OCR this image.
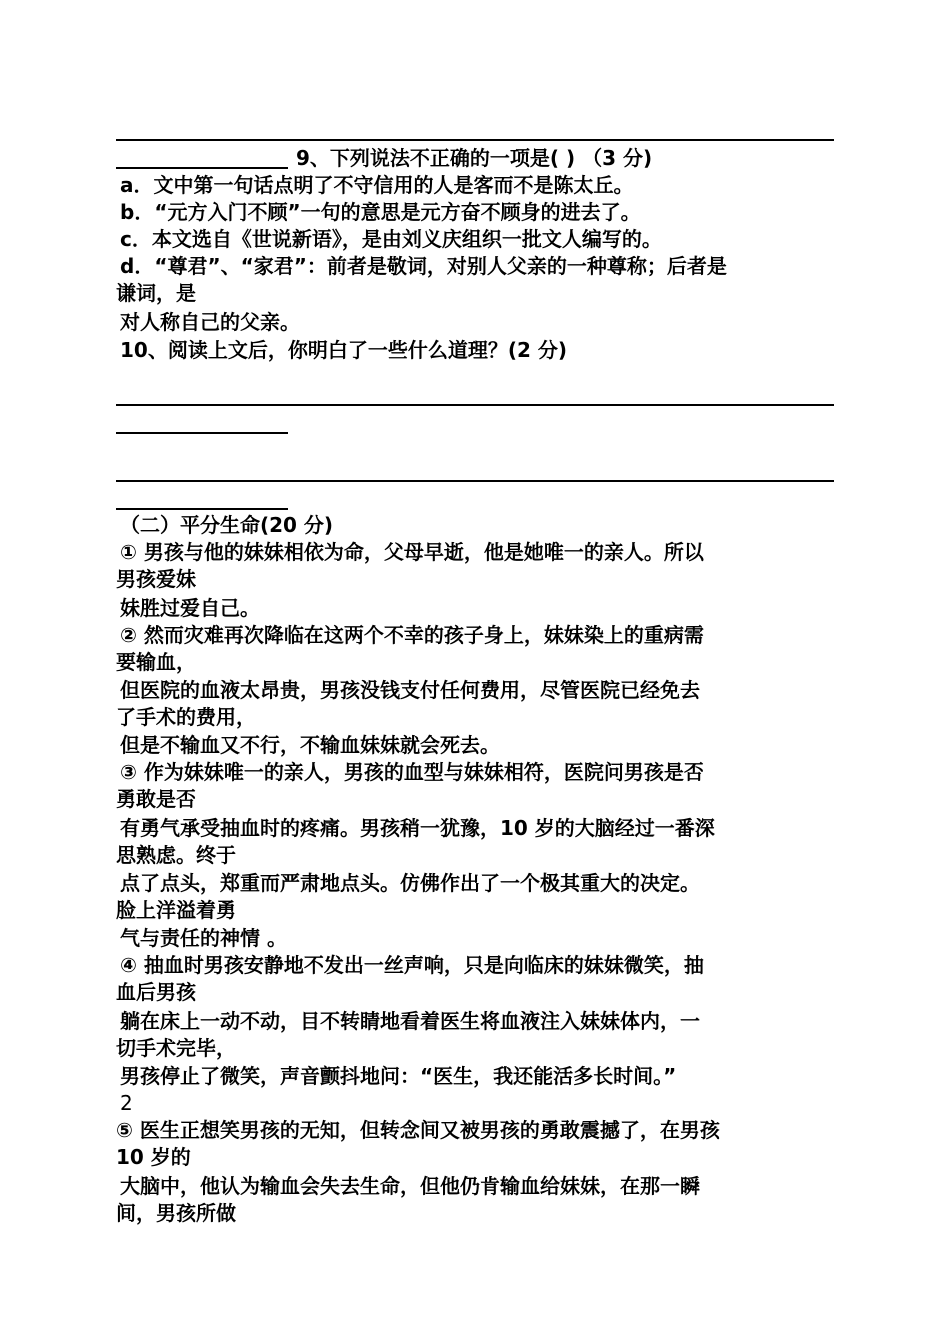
9、下列说法不正确的一项是( ) （3 分)
a．文中第一句话点明了不守信用的人是客而不是陈太丘。
b．“元方入门不顾”一句的意思是元方奋不顾身的进去了。
c．本文选自《世说新语》，是由刘义庆组织一批文人编写的。
d．“尊君”、“家君”：前者是敬词，对别人父亲的一种尊称；后者是
谦词，是
对人称自己的父亲。
10、阅读上文后，你明白了一些什么道理？(2 分)
（二）平分生命(20 分)
① 男孩与他的妹妹相依为命，父母早逝，他是她唯一的亲人。所以
男孩爱妹
妹胜过爱自己。
② 然而灾难再次降临在这两个不幸的孩子身上，妹妹染上的重病需
要输血，
但医院的血液太昂贵，男孩没钱支付任何费用，尽管医院已经免去
了手术的费用，
但是不输血又不行，不输血妹妹就会死去。
③ 作为妹妹唯一的亲人，男孩的血型与妹妹相符，医院问男孩是否
勇敢是否
有勇气承受抽血时的疼痛。男孩稍一犹豫，10 岁的大脑经过一番深
思熟虑。终于
点了点头，郑重而严肃地点头。仿佛作出了一个极其重大的决定。
脸上洋溢着勇
气与责任的神情 。
④ 抽血时男孩安静地不发出一丝声响，只是向临床的妹妹微笑，抽
血后男孩
躺在床上一动不动，目不转睛地看着医生将血液注入妹妹体内，一
切手术完毕，
男孩停止了微笑，声音颤抖地问：“医生，我还能活多长时间。”
2
⑤ 医生正想笑男孩的无知，但转念间又被男孩的勇敢震撼了，在男孩
10 岁的
大脑中，他认为输血会失去生命，但他仍肯输血给妹妹，在那一瞬
间，男孩所做
